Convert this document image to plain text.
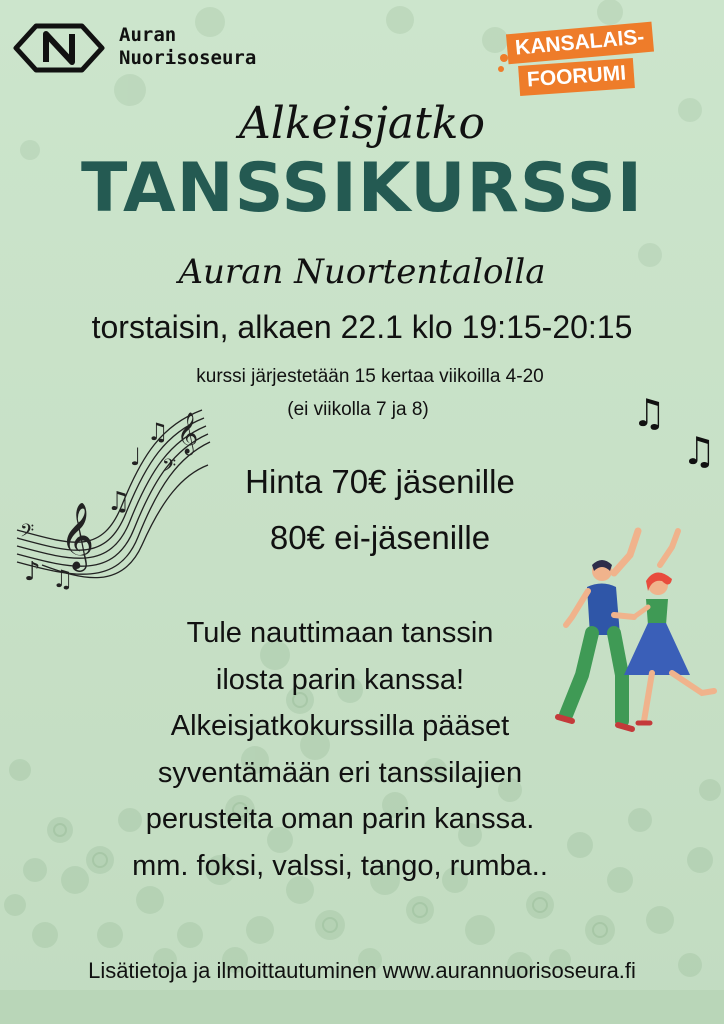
Auran
Nuorisoseura	KANSALAIS-
FOORUMI
Alkeisjatko
TANSSIKURSSI
Auran Nuortentalolla
torstaisin, alkaen 22.1 klo 19:15-20:15
kurssi järjestetään 15 kertaa viikoilla 4-20
(ei viikolla 7 ja 8)
𝄞
𝄞
𝄢
𝄢
♪ ♫
♫
♩
♫	♫
♫
Hinta 70€ jäsenille
80€ ei-jäsenille
Tule nauttimaan tanssin
ilosta parin kanssa!
Alkeisjatkokurssilla pääset
syventämään eri tanssilajien
perusteita oman parin kanssa.
mm. foksi, valssi, tango, rumba..
Lisätietoja ja ilmoittautuminen www.aurannuorisoseura.fi
